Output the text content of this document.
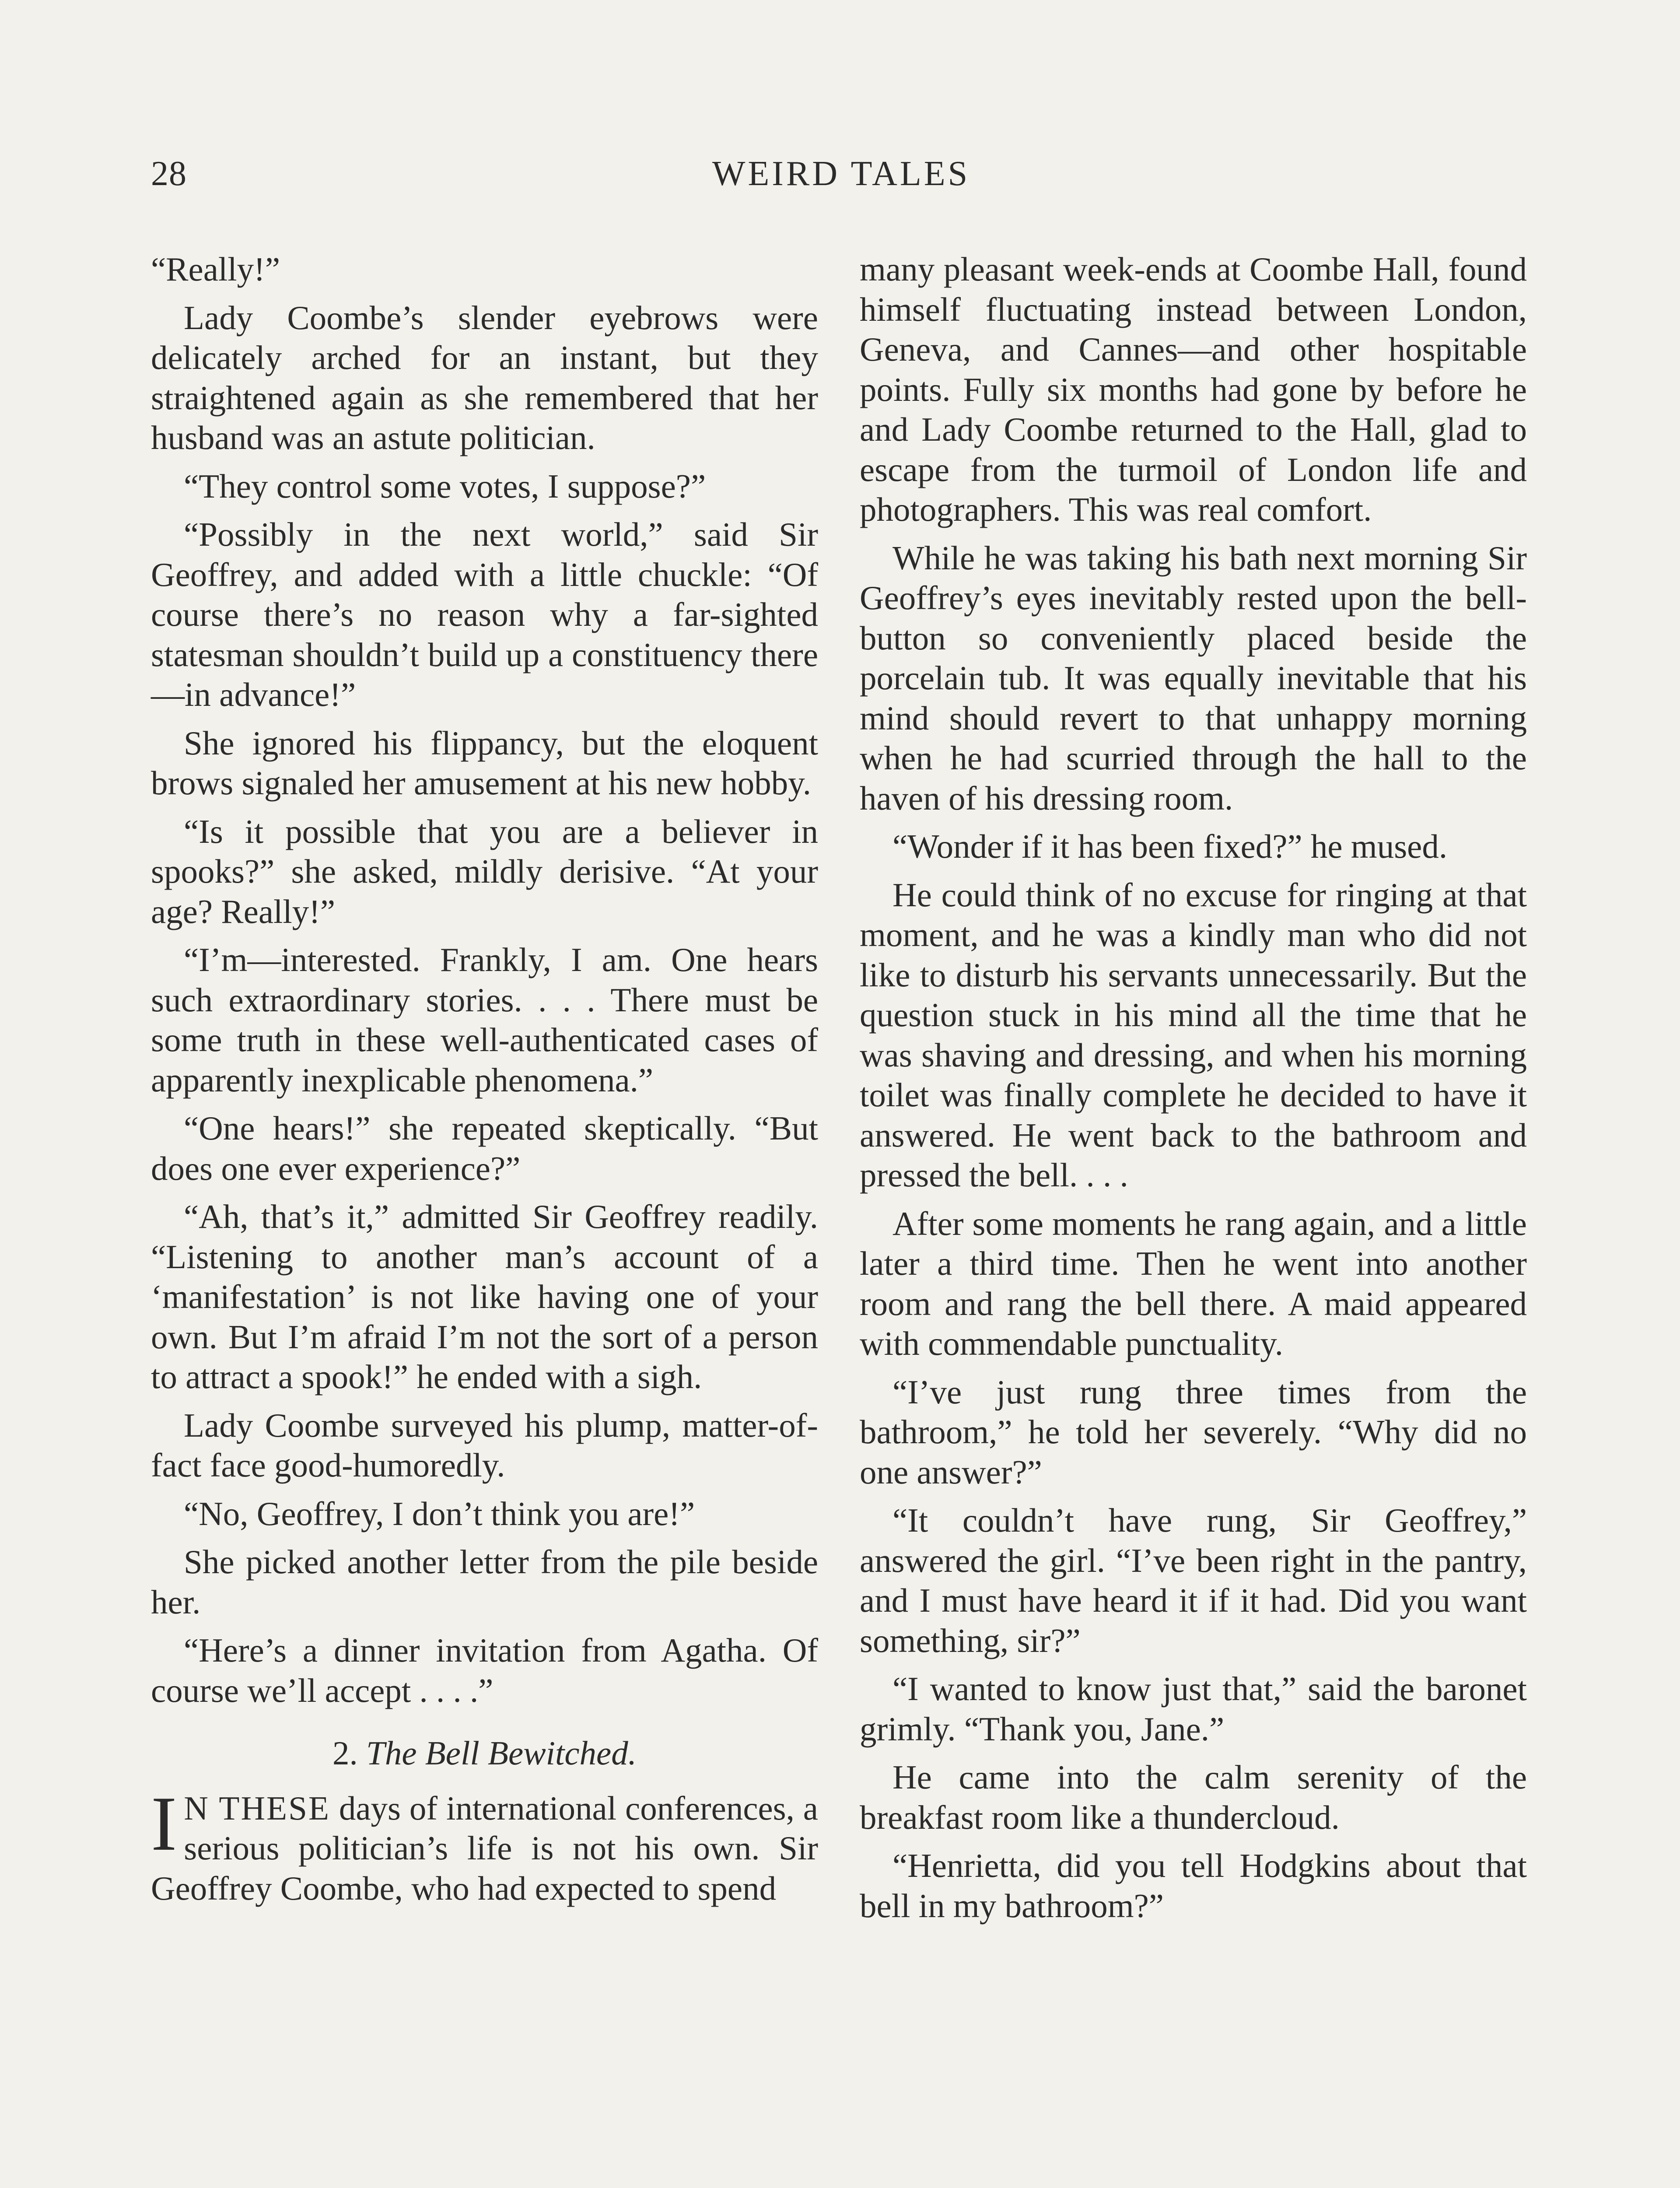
28	WEIRD TALES

“Really!”

Lady Coombe’s slender eyebrows were delicately arched for an instant, but they straightened again as she remembered that her husband was an astute politician.

“They control some votes, I suppose?”

“Possibly in the next world,” said Sir Geoffrey, and added with a little chuckle: “Of course there’s no reason why a far-sighted statesman shouldn’t build up a constituency there—in advance!”

She ignored his flippancy, but the eloquent brows signaled her amusement at his new hobby.

“Is it possible that you are a believer in spooks?” she asked, mildly derisive. “At your age? Really!”

“I’m—interested. Frankly, I am. One hears such extraordinary stories. . . . There must be some truth in these well-authenticated cases of apparently inexplicable phenomena.”

“One hears!” she repeated skeptically. “But does one ever experience?”

“Ah, that’s it,” admitted Sir Geoffrey readily. “Listening to another man’s account of a ‘manifestation’ is not like having one of your own. But I’m afraid I’m not the sort of a person to attract a spook!” he ended with a sigh.

Lady Coombe surveyed his plump, matter-of-fact face good-humoredly.

“No, Geoffrey, I don’t think you are!”

She picked another letter from the pile beside her.

“Here’s a dinner invitation from Agatha. Of course we’ll accept . . . .”

2. The Bell Bewitched.

I N THESE days of international conferences, a serious politician’s life is not his own. Sir Geoffrey Coombe, who had expected to spend

many pleasant week-ends at Coombe Hall, found himself fluctuating instead between London, Geneva, and Cannes—and other hospitable points. Fully six months had gone by before he and Lady Coombe returned to the Hall, glad to escape from the turmoil of London life and photographers. This was real comfort.

While he was taking his bath next morning Sir Geoffrey’s eyes inevitably rested upon the bell-button so conveniently placed beside the porcelain tub. It was equally inevitable that his mind should revert to that unhappy morning when he had scurried through the hall to the haven of his dressing room.

“Wonder if it has been fixed?” he mused.

He could think of no excuse for ringing at that moment, and he was a kindly man who did not like to disturb his servants unnecessarily. But the question stuck in his mind all the time that he was shaving and dressing, and when his morning toilet was finally complete he decided to have it answered. He went back to the bathroom and pressed the bell. . . .

After some moments he rang again, and a little later a third time. Then he went into another room and rang the bell there. A maid appeared with commendable punctuality.

“I’ve just rung three times from the bathroom,” he told her severely. “Why did no one answer?”

“It couldn’t have rung, Sir Geoffrey,” answered the girl. “I’ve been right in the pantry, and I must have heard it if it had. Did you want something, sir?”

“I wanted to know just that,” said the baronet grimly. “Thank you, Jane.”

He came into the calm serenity of the breakfast room like a thundercloud.

“Henrietta, did you tell Hodgkins about that bell in my bathroom?”
